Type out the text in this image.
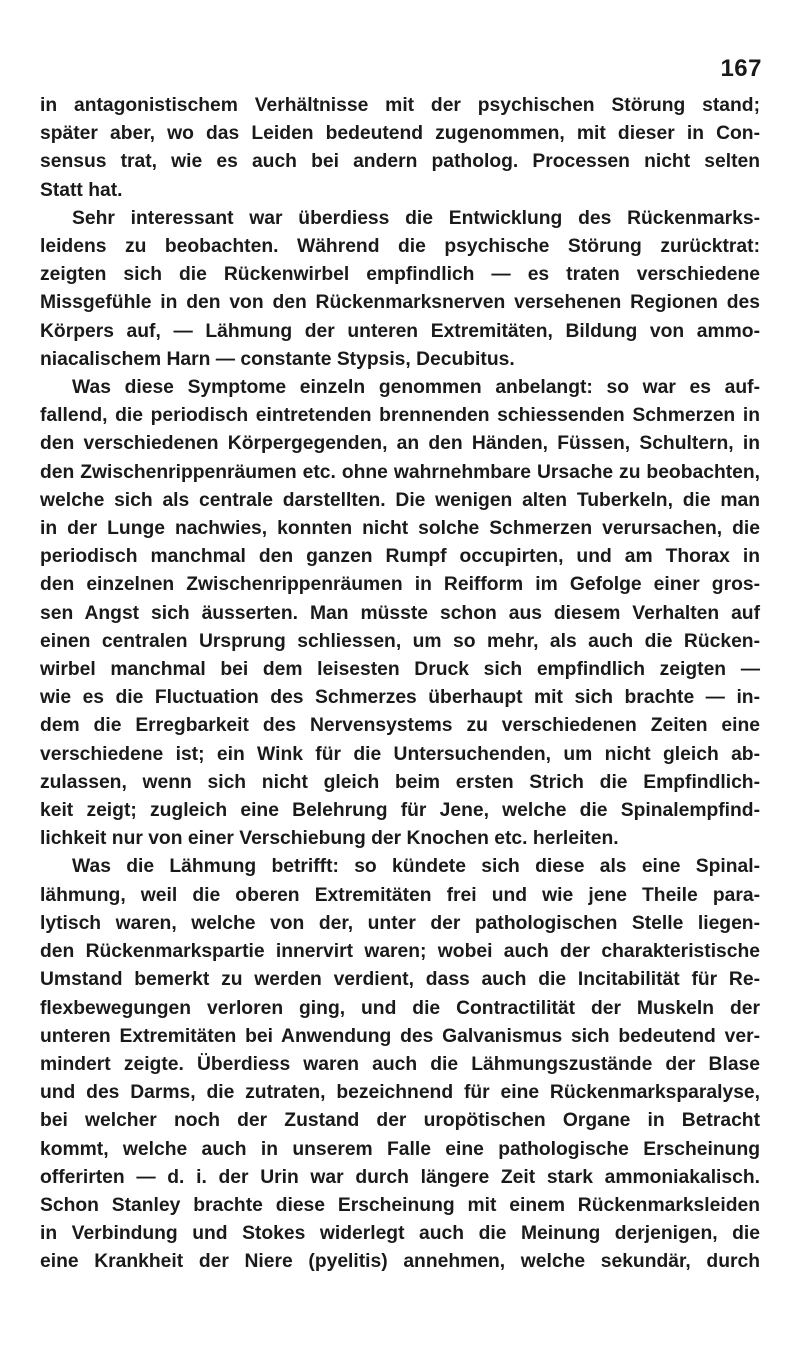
167
in antagonistischem Verhältnisse mit der psychischen Störung stand;
später aber, wo das Leiden bedeutend zugenommen, mit dieser in Con-
sensus trat, wie es auch bei andern patholog. Processen nicht selten
Statt hat.
Sehr interessant war überdiess die Entwicklung des Rückenmarks-
leidens zu beobachten. Während die psychische Störung zurücktrat:
zeigten sich die Rückenwirbel empfindlich — es traten verschiedene
Missgefühle in den von den Rückenmarksnerven versehenen Regionen des
Körpers auf, — Lähmung der unteren Extremitäten, Bildung von ammo-
niacalischem Harn — constante Stypsis, Decubitus.
Was diese Symptome einzeln genommen anbelangt: so war es auf-
fallend, die periodisch eintretenden brennenden schiessenden Schmerzen in
den verschiedenen Körpergegenden, an den Händen, Füssen, Schultern, in
den Zwischenrippenräumen etc. ohne wahrnehmbare Ursache zu beobachten,
welche sich als centrale darstellten. Die wenigen alten Tuberkeln, die man
in der Lunge nachwies, konnten nicht solche Schmerzen verursachen, die
periodisch manchmal den ganzen Rumpf occupirten, und am Thorax in
den einzelnen Zwischenrippenräumen in Reifform im Gefolge einer gros-
sen Angst sich äusserten. Man müsste schon aus diesem Verhalten auf
einen centralen Ursprung schliessen, um so mehr, als auch die Rücken-
wirbel manchmal bei dem leisesten Druck sich empfindlich zeigten —
wie es die Fluctuation des Schmerzes überhaupt mit sich brachte — in-
dem die Erregbarkeit des Nervensystems zu verschiedenen Zeiten eine
verschiedene ist; ein Wink für die Untersuchenden, um nicht gleich ab-
zulassen, wenn sich nicht gleich beim ersten Strich die Empfindlich-
keit zeigt; zugleich eine Belehrung für Jene, welche die Spinalempfind-
lichkeit nur von einer Verschiebung der Knochen etc. herleiten.
Was die Lähmung betrifft: so kündete sich diese als eine Spinal-
lähmung, weil die oberen Extremitäten frei und wie jene Theile para-
lytisch waren, welche von der, unter der pathologischen Stelle liegen-
den Rückenmarkspartie innervirt waren; wobei auch der charakteristische
Umstand bemerkt zu werden verdient, dass auch die Incitabilität für Re-
flexbewegungen verloren ging, und die Contractilität der Muskeln der
unteren Extremitäten bei Anwendung des Galvanismus sich bedeutend ver-
mindert zeigte. Überdiess waren auch die Lähmungszustände der Blase
und des Darms, die zutraten, bezeichnend für eine Rückenmarksparalyse,
bei welcher noch der Zustand der uropötischen Organe in Betracht
kommt, welche auch in unserem Falle eine pathologische Erscheinung
offerirten — d. i. der Urin war durch längere Zeit stark ammoniakalisch.
Schon Stanley brachte diese Erscheinung mit einem Rückenmarksleiden
in Verbindung und Stokes widerlegt auch die Meinung derjenigen, die
eine Krankheit der Niere (pyelitis) annehmen, welche sekundär, durch
